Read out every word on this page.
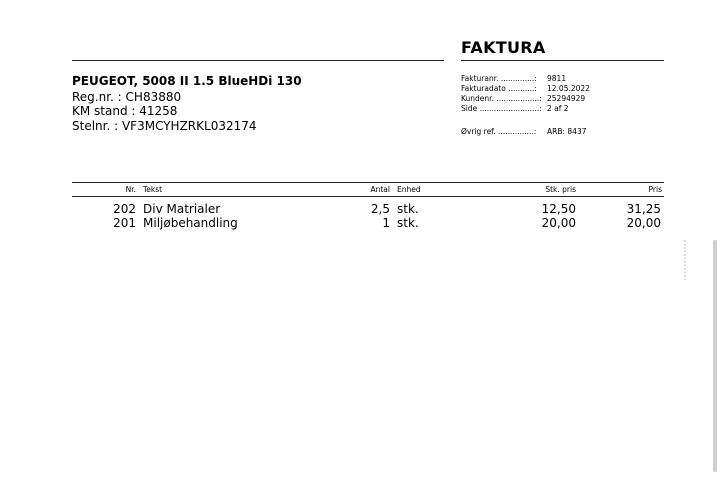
FAKTURA
PEUGEOT, 5008 II 1.5 BlueHDi 130
Reg.nr. : CH83880
KM stand : 41258
Stelnr. : VF3MCYHZRKL032174
Fakturanr. ..............: 9811
Fakturadato ...........: 12.05.2022
Kundenr. ..................: 25294929
Side .........................: 2 af 2
Øvrig ref. ...............: ARB: 8437
Nr. Tekst	Antal Enhed	Stk. pris	Pris
202 Div Matrialer	2,5 stk.	12,50	31,25
201 Miljøbehandling	1 stk.	20,00	20,00
